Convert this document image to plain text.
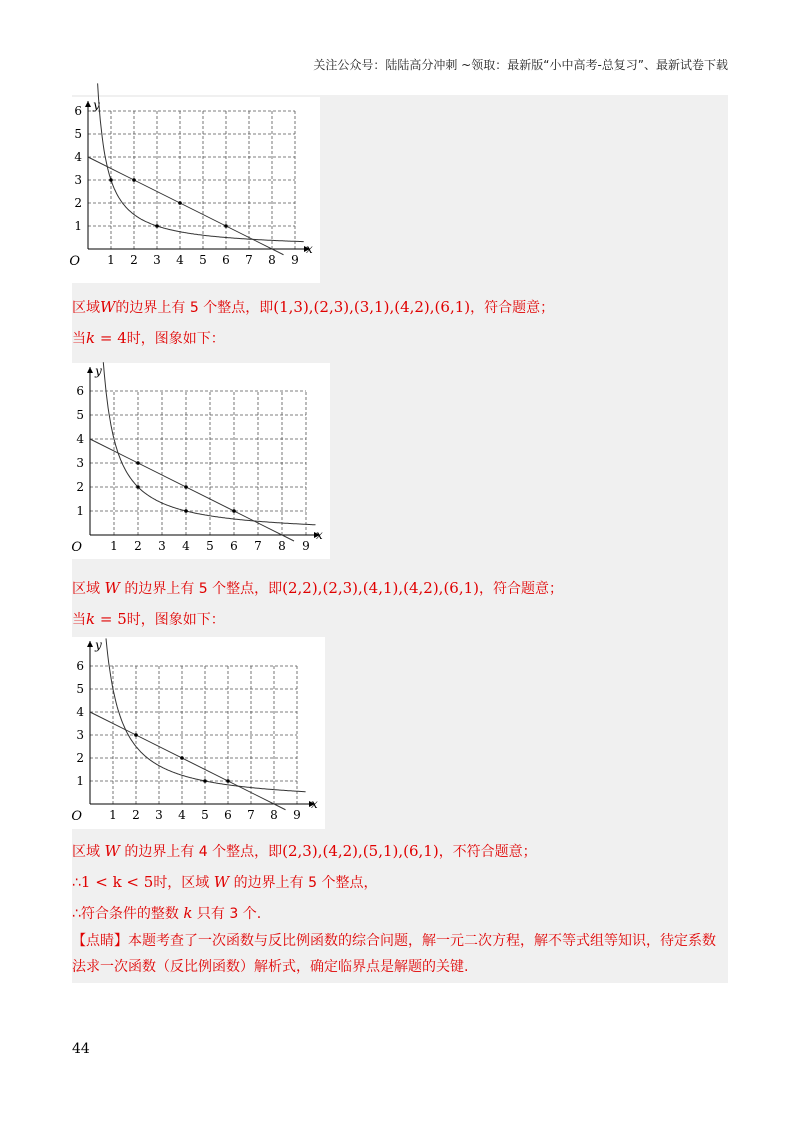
关注公众号：陆陆高分冲刺 ~领取：最新版“小中高考-总复习”、最新试卷下载
1 2 3 4 5 6 7 8 9
1
2
3
4
5
6
O
x
y
区域W的边界上有 5 个整点，即(1,3),(2,3),(3,1),(4,2),(6,1)，符合题意；
当k = 4时，图象如下：
1 2 3 4 5 6 7 8 9
1
2
3
4
5
6
O
x
y
区域 W 的边界上有 5 个整点，即(2,2),(2,3),(4,1),(4,2),(6,1)，符合题意；
当k = 5时，图象如下：
1 2 3 4 5 6 7 8 9
1
2
3
4
5
6
O
x
y
区域 W 的边界上有 4 个整点，即(2,3),(4,2),(5,1),(6,1)，不符合题意；
∴1 < k < 5时，区域 W 的边界上有 5 个整点，
∴符合条件的整数 k 只有 3 个.
【点睛】本题考查了一次函数与反比例函数的综合问题，解一元二次方程，解不等式组等知识，待定系数法求一次函数（反比例函数）解析式，确定临界点是解题的关键.
44
